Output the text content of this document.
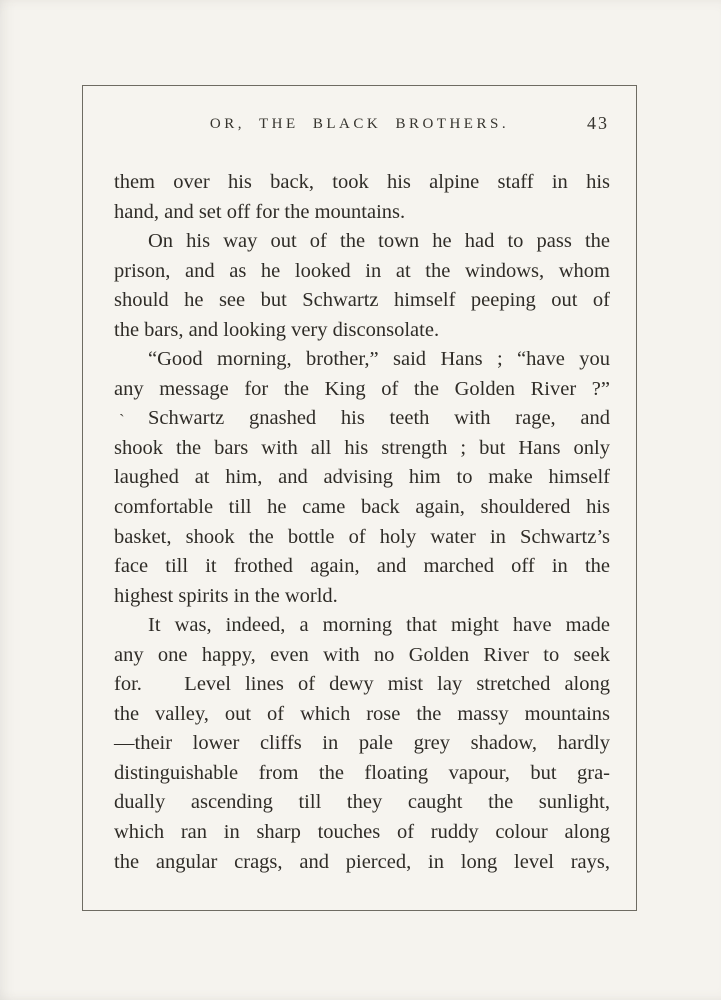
OR, THE BLACK BROTHERS.	43
`
them over his back, took his alpine staff in his
hand, and set off for the mountains.
On his way out of the town he had to pass the
prison, and as he looked in at the windows, whom
should he see but Schwartz himself peeping out of
the bars, and looking very disconsolate.
“Good morning, brother,” said Hans ; “have you
any message for the King of the Golden River ?”
Schwartz gnashed his teeth with rage, and
shook the bars with all his strength ; but Hans only
laughed at him, and advising him to make himself
comfortable till he came back again, shouldered his
basket, shook the bottle of holy water in Schwartz’s
face till it frothed again, and marched off in the
highest spirits in the world.
It was, indeed, a morning that might have made
any one happy, even with no Golden River to seek
for.   Level lines of dewy mist lay stretched along
the valley, out of which rose the massy mountains
—their lower cliffs in pale grey shadow, hardly
distinguishable from the floating vapour, but gra-
dually ascending till they caught the sunlight,
which ran in sharp touches of ruddy colour along
the angular crags, and pierced, in long level rays,
